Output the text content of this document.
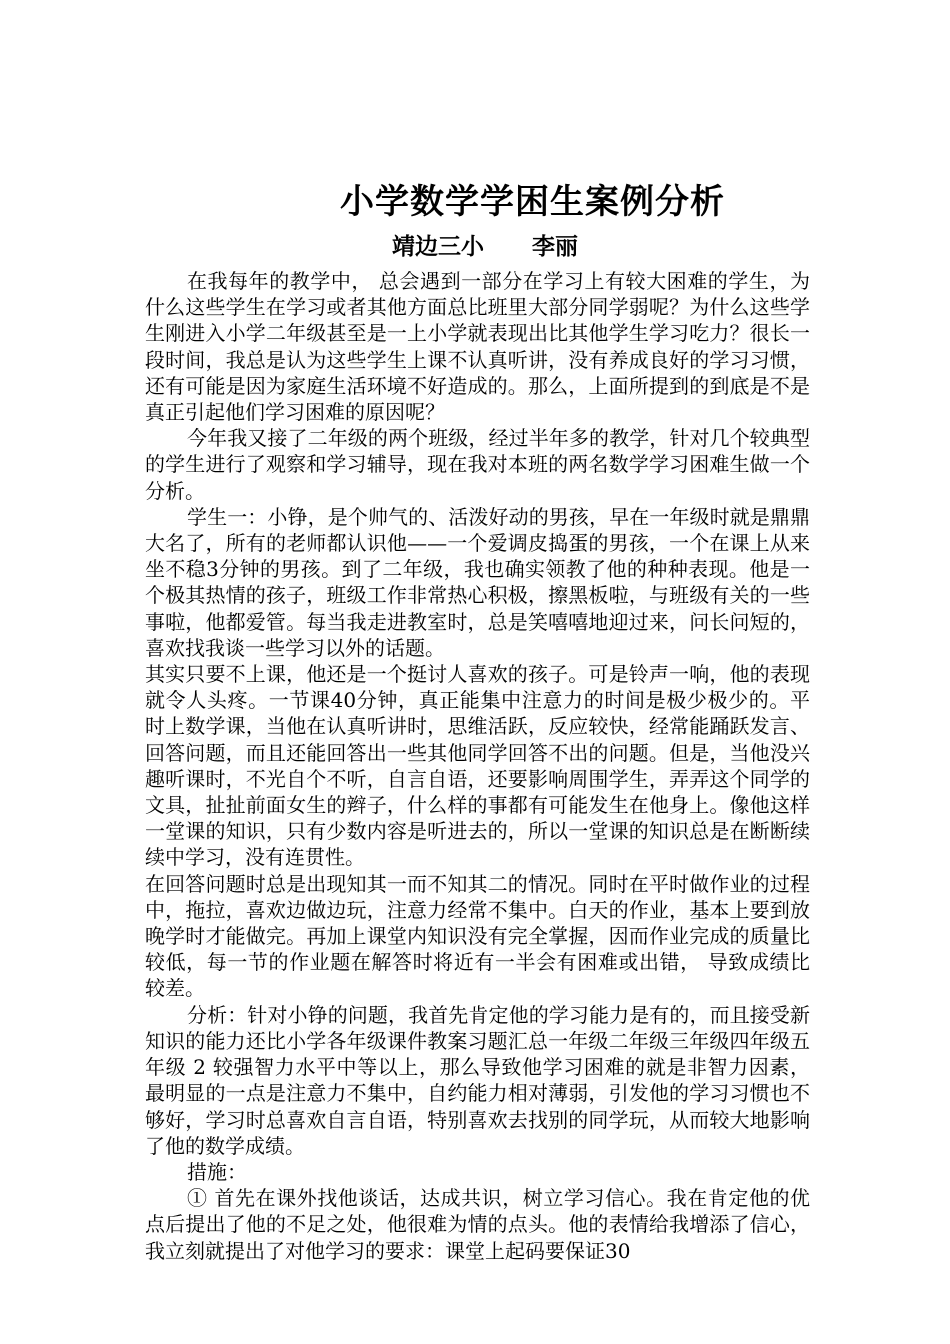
小学数学学困生案例分析
靖边三小      李丽

在我每年的教学中， 总会遇到一部分在学习上有较大困难的学生，为什么这些学生在学习或者其他方面总比班里大部分同学弱呢？为什么这些学生刚进入小学二年级甚至是一上小学就表现出比其他学生学习吃力？很长一段时间，我总是认为这些学生上课不认真听讲，没有养成良好的学习习惯，还有可能是因为家庭生活环境不好造成的。那么，上面所提到的到底是不是真正引起他们学习困难的原因呢？

今年我又接了二年级的两个班级，经过半年多的教学，针对几个较典型的学生进行了观察和学习辅导，现在我对本班的两名数学学习困难生做一个分析。

学生一：小铮，是个帅气的、活泼好动的男孩，早在一年级时就是鼎鼎大名了，所有的老师都认识他——一个爱调皮捣蛋的男孩，一个在课上从来坐不稳3分钟的男孩。到了二年级，我也确实领教了他的种种表现。他是一个极其热情的孩子，班级工作非常热心积极，擦黑板啦，与班级有关的一些事啦，他都爱管。每当我走进教室时，总是笑嘻嘻地迎过来，问长问短的，喜欢找我谈一些学习以外的话题。

其实只要不上课，他还是一个挺讨人喜欢的孩子。可是铃声一响，他的表现就令人头疼。一节课40分钟，真正能集中注意力的时间是极少极少的。平时上数学课，当他在认真听讲时，思维活跃，反应较快，经常能踊跃发言、回答问题，而且还能回答出一些其他同学回答不出的问题。但是，当他没兴趣听课时，不光自个不听，自言自语，还要影响周围学生，弄弄这个同学的文具，扯扯前面女生的辫子，什么样的事都有可能发生在他身上。像他这样一堂课的知识，只有少数内容是听进去的，所以一堂课的知识总是在断断续续中学习，没有连贯性。

在回答问题时总是出现知其一而不知其二的情况。同时在平时做作业的过程中，拖拉，喜欢边做边玩，注意力经常不集中。白天的作业，基本上要到放晚学时才能做完。再加上课堂内知识没有完全掌握，因而作业完成的质量比较低，每一节的作业题在解答时将近有一半会有困难或出错， 导致成绩比较差。

分析：针对小铮的问题，我首先肯定他的学习能力是有的，而且接受新知识的能力还比小学各年级课件教案习题汇总一年级二年级三年级四年级五年级 2 较强智力水平中等以上，那么导致他学习困难的就是非智力因素，最明显的一点是注意力不集中，自约能力相对薄弱，引发他的学习习惯也不够好，学习时总喜欢自言自语，特别喜欢去找别的同学玩，从而较大地影响了他的数学成绩。

措施：

① 首先在课外找他谈话，达成共识，树立学习信心。我在肯定他的优点后提出了他的不足之处，他很难为情的点头。他的表情给我增添了信心，我立刻就提出了对他学习的要求：课堂上起码要保证30
